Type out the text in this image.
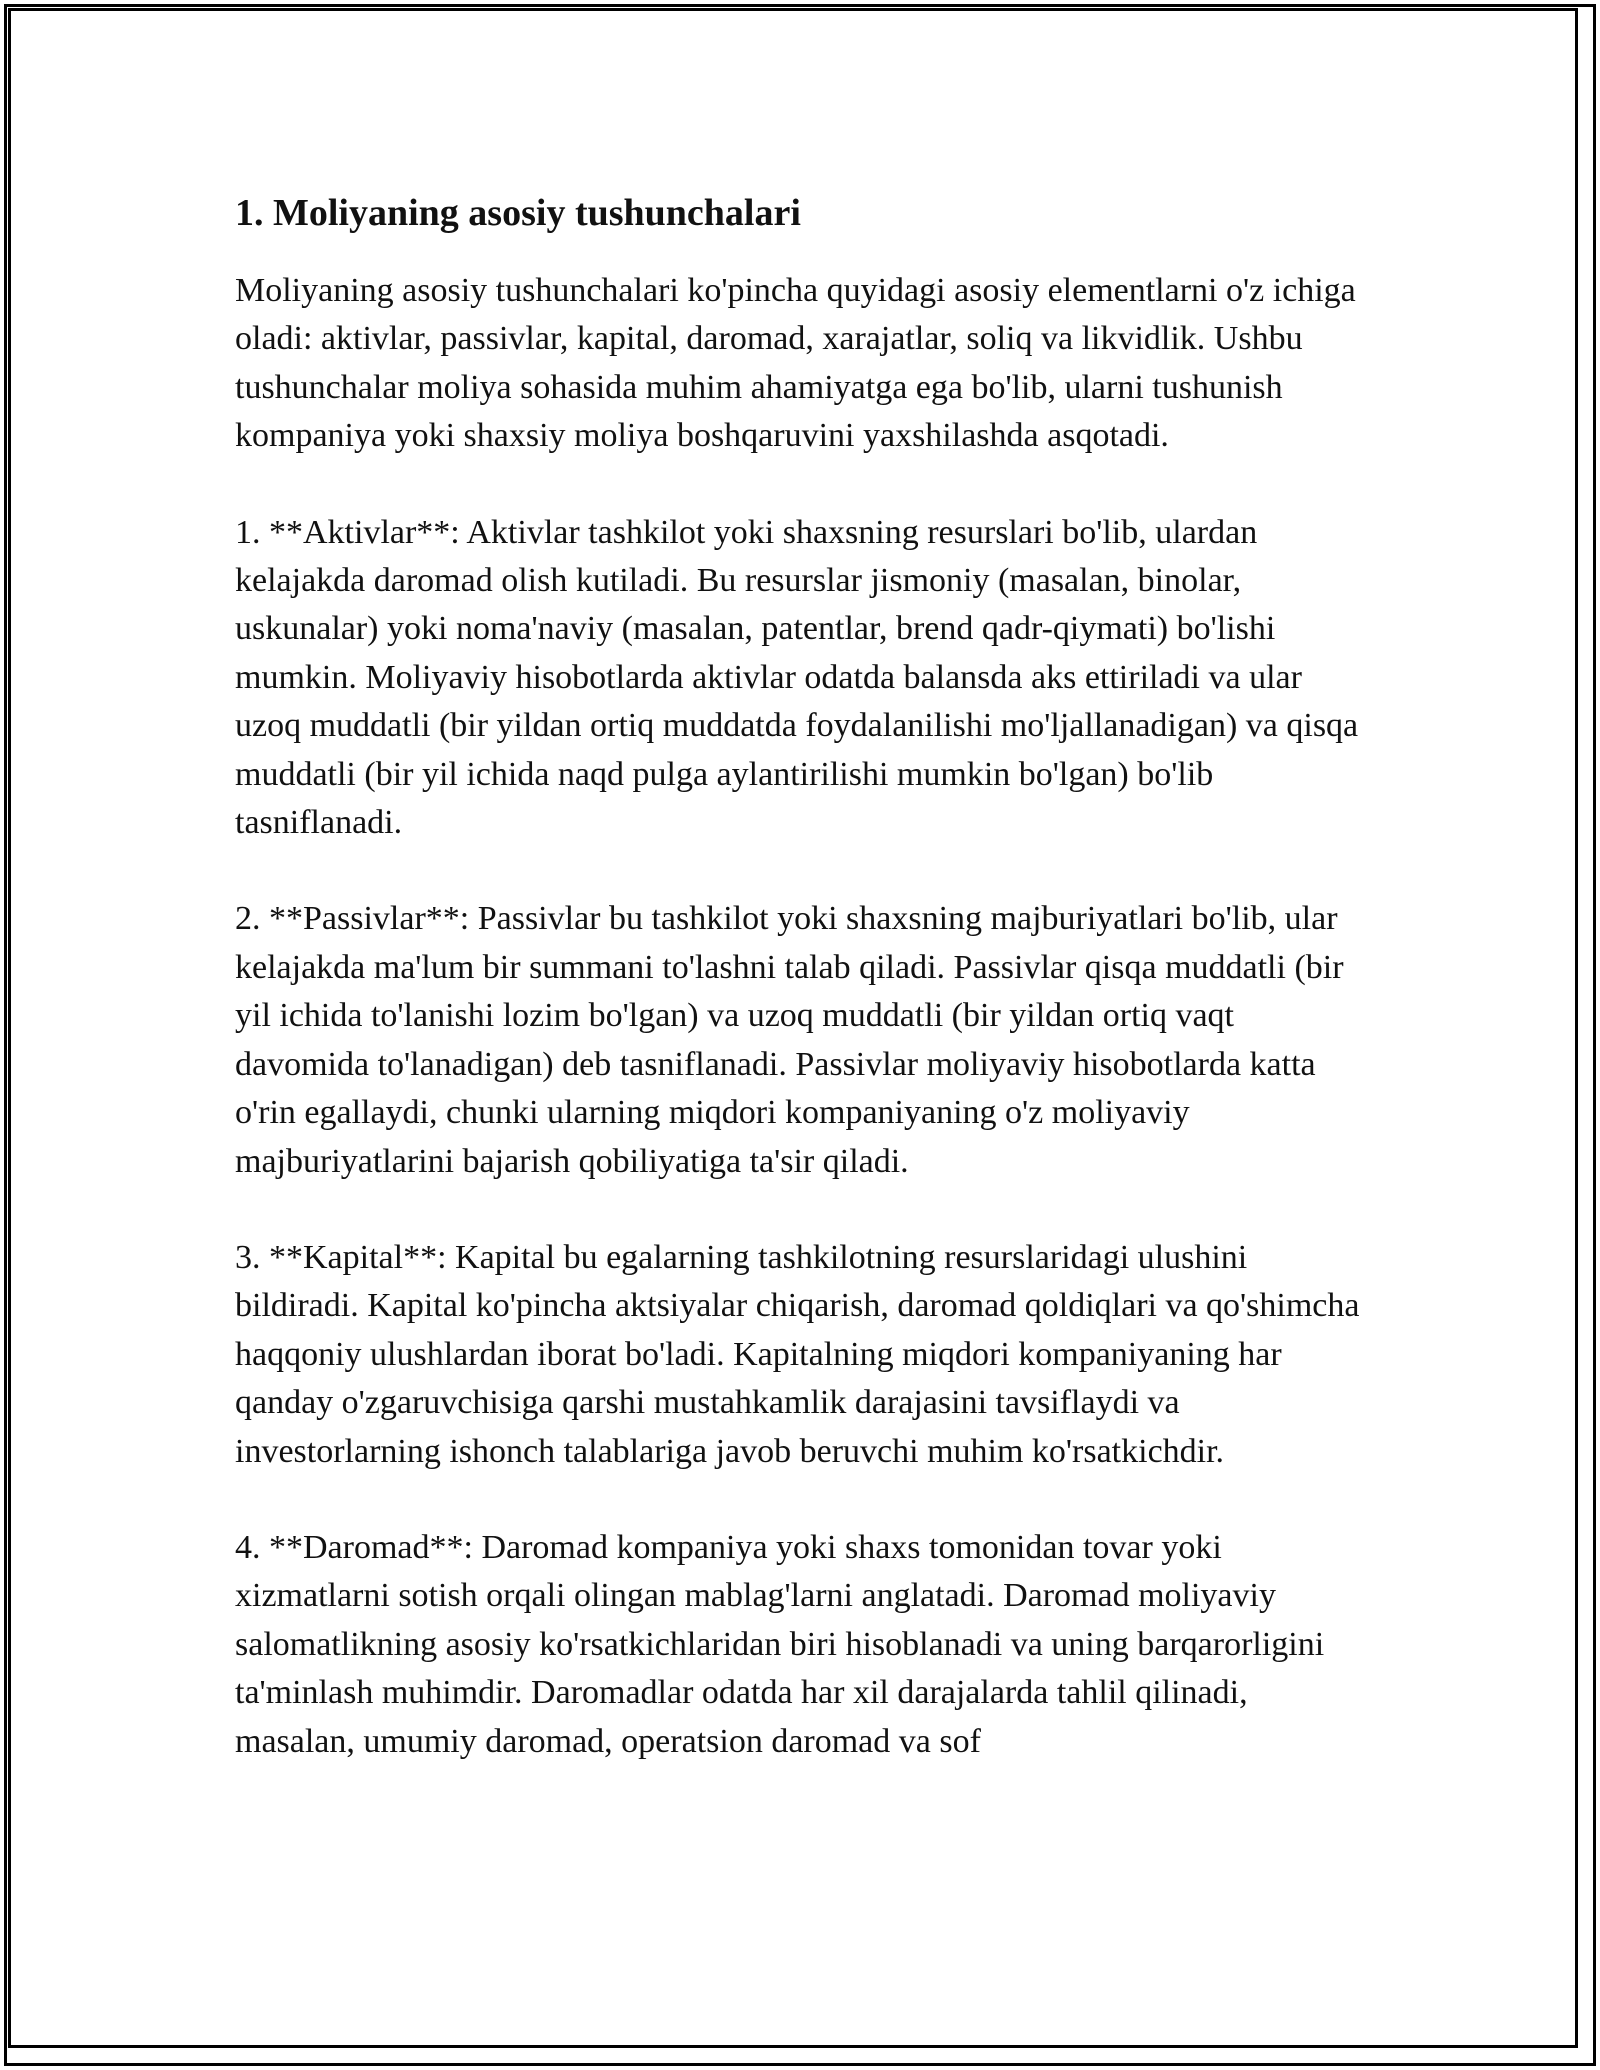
1. Moliyaning asosiy tushunchalari

Moliyaning asosiy tushunchalari ko'pincha quyidagi asosiy elementlarni o'z ichiga oladi: aktivlar, passivlar, kapital, daromad, xarajatlar, soliq va likvidlik. Ushbu tushunchalar moliya sohasida muhim ahamiyatga ega bo'lib, ularni tushunish kompaniya yoki shaxsiy moliya boshqaruvini yaxshilashda asqotadi.

1. **Aktivlar**: Aktivlar tashkilot yoki shaxsning resurslari bo'lib, ulardan kelajakda daromad olish kutiladi. Bu resurslar jismoniy (masalan, binolar, uskunalar) yoki noma'naviy (masalan, patentlar, brend qadr-qiymati) bo'lishi mumkin. Moliyaviy hisobotlarda aktivlar odatda balansda aks ettiriladi va ular uzoq muddatli (bir yildan ortiq muddatda foydalanilishi mo'ljallanadigan) va qisqa muddatli (bir yil ichida naqd pulga aylantirilishi mumkin bo'lgan) bo'lib tasniflanadi.

2. **Passivlar**: Passivlar bu tashkilot yoki shaxsning majburiyatlari bo'lib, ular kelajakda ma'lum bir summani to'lashni talab qiladi. Passivlar qisqa muddatli (bir yil ichida to'lanishi lozim bo'lgan) va uzoq muddatli (bir yildan ortiq vaqt davomida to'lanadigan) deb tasniflanadi. Passivlar moliyaviy hisobotlarda katta o'rin egallaydi, chunki ularning miqdori kompaniyaning o'z moliyaviy majburiyatlarini bajarish qobiliyatiga ta'sir qiladi.

3. **Kapital**: Kapital bu egalarning tashkilotning resurslaridagi ulushini bildiradi. Kapital ko'pincha aktsiyalar chiqarish, daromad qoldiqlari va qo'shimcha haqqoniy ulushlardan iborat bo'ladi. Kapitalning miqdori kompaniyaning har qanday o'zgaruvchisiga qarshi mustahkamlik darajasini tavsiflaydi va investorlarning ishonch talablariga javob beruvchi muhim ko'rsatkichdir.

4. **Daromad**: Daromad kompaniya yoki shaxs tomonidan tovar yoki xizmatlarni sotish orqali olingan mablag'larni anglatadi. Daromad moliyaviy salomatlikning asosiy ko'rsatkichlaridan biri hisoblanadi va uning barqarorligini ta'minlash muhimdir. Daromadlar odatda har xil darajalarda tahlil qilinadi, masalan, umumiy daromad, operatsion daromad va sof
